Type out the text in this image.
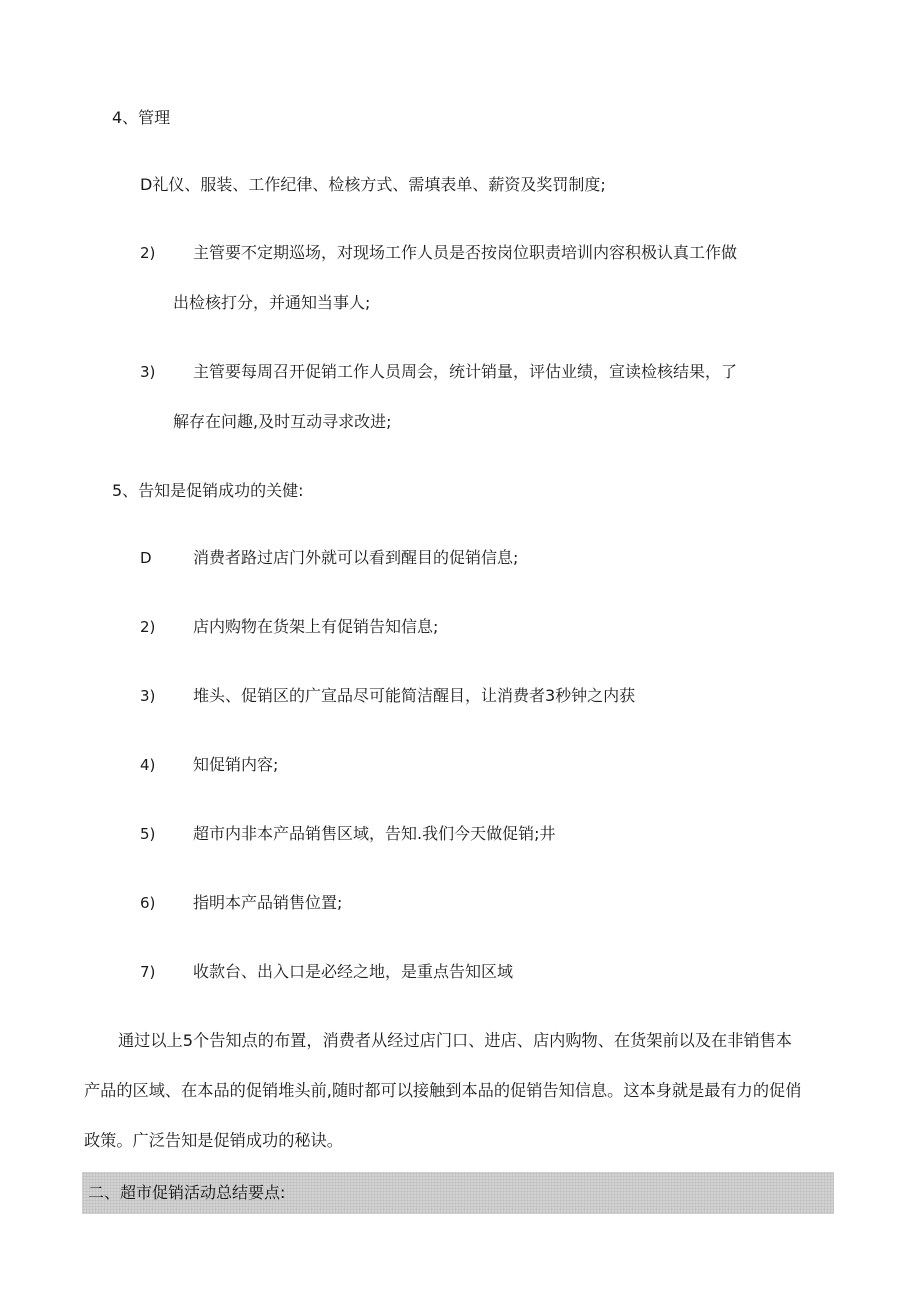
4、管理
D礼仪、服装、工作纪律、检核方式、需填表单、薪资及奖罚制度;
2) 主管要不定期巡场，对现场工作人员是否按岗位职责培训内容积极认真工作做
出检核打分，并通知当事人;
3) 主管要每周召开促销工作人员周会，统计销量，评估业绩，宣读检核结果，了
解存在问趣,及时互动寻求改进;
5、告知是促销成功的关健:
D	消费者路过店门外就可以看到醒目的促销信息;
2) 店内购物在货架上有促销告知信息;
3) 堆头、促销区的广宣品尽可能简洁醒目，让消费者3秒钟之内获
4) 知促销内容;
5) 超市内非本产品销售区域，告知.我们今天做促销;井
6) 指明本产品销售位置;
7) 收款台、出入口是必经之地，是重点告知区域
通过以上5个告知点的布置，消费者从经过店门口、进店、店内购物、在货架前以及在非销售本
产品的区域、在本品的促销堆头前,随时都可以接触到本品的促销告知信息。这本身就是最有力的促俏
政策。广泛告知是促销成功的秘诀。
二、超市促销活动总结要点:
